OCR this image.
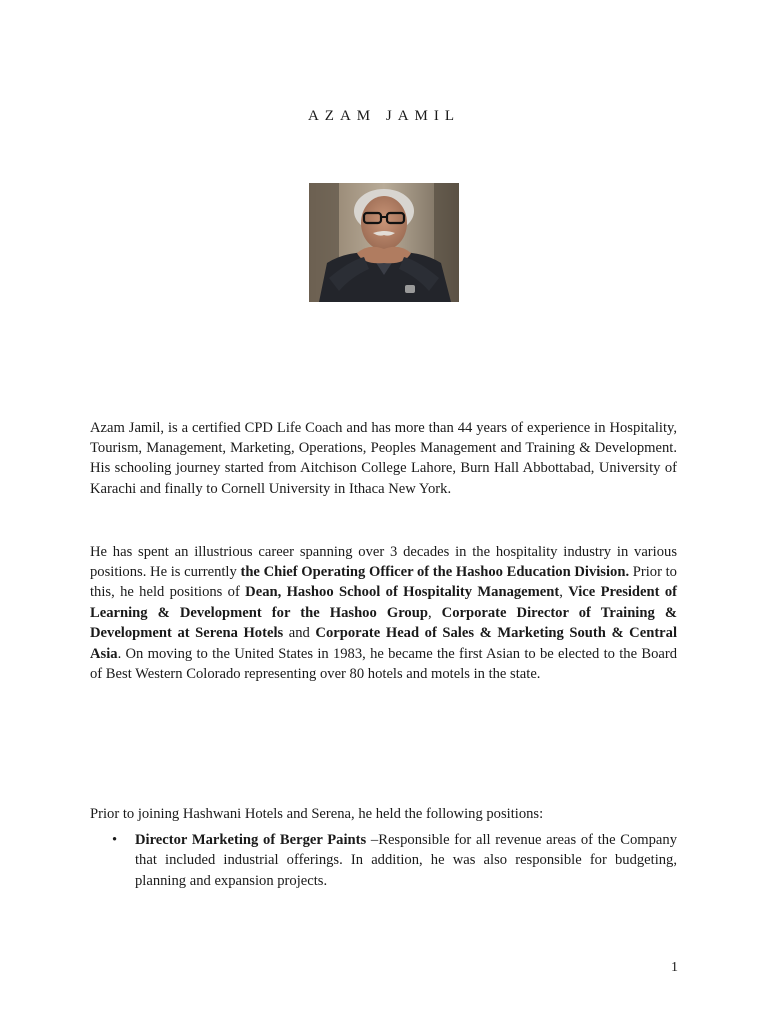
AZAM JAMIL

Azam Jamil, is a certified CPD Life Coach and has more than 44 years of experience in Hospitality, Tourism, Management, Marketing, Operations, Peoples Management and Training & Development. His schooling journey started from Aitchison College Lahore, Burn Hall Abbottabad, University of Karachi and finally to Cornell University in Ithaca New York.

He has spent an illustrious career spanning over 3 decades in the hospitality industry in various positions. He is currently the Chief Operating Officer of the Hashoo Education Division. Prior to this, he held positions of Dean, Hashoo School of Hospitality Management, Vice President of Learning & Development for the Hashoo Group, Corporate Director of Training & Development at Serena Hotels and Corporate Head of Sales & Marketing South & Central Asia. On moving to the United States in 1983, he became the first Asian to be elected to the Board of Best Western Colorado representing over 80 hotels and motels in the state.

Prior to joining Hashwani Hotels and Serena, he held the following positions:

• Director Marketing of Berger Paints –Responsible for all revenue areas of the Company that included industrial offerings. In addition, he was also responsible for budgeting, planning and expansion projects.
1
